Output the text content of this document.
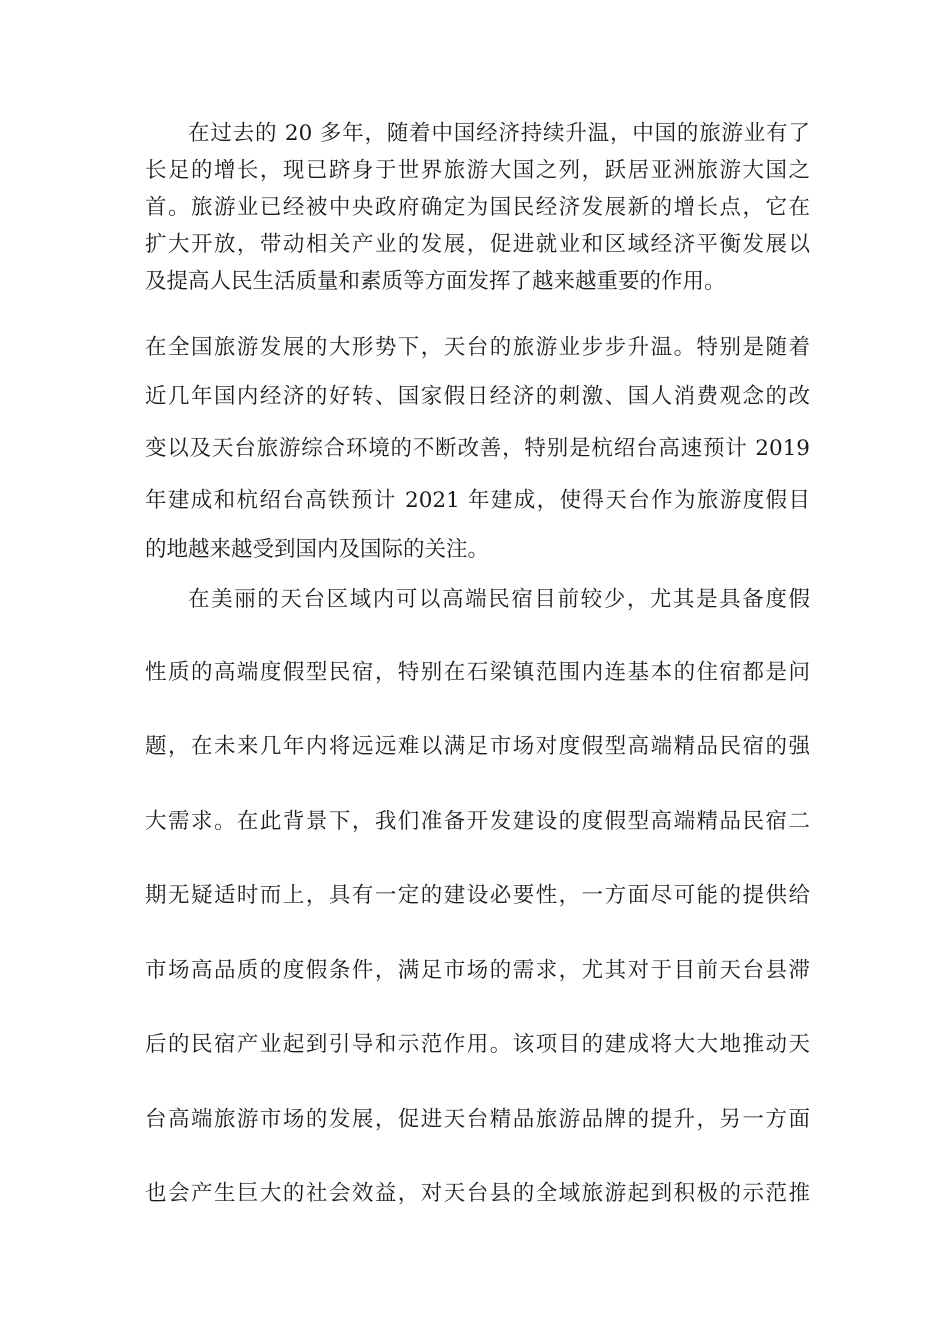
在过去的 20 多年，随着中国经济持续升温，中国的旅游业有了
长足的增长，现已跻身于世界旅游大国之列，跃居亚洲旅游大国之
首。旅游业已经被中央政府确定为国民经济发展新的增长点，它在
扩大开放，带动相关产业的发展，促进就业和区域经济平衡发展以
及提高人民生活质量和素质等方面发挥了越来越重要的作用。
在全国旅游发展的大形势下，天台的旅游业步步升温。特别是随着
近几年国内经济的好转、国家假日经济的刺激、国人消费观念的改
变以及天台旅游综合环境的不断改善，特别是杭绍台高速预计 2019
年建成和杭绍台高铁预计 2021 年建成，使得天台作为旅游度假目
的地越来越受到国内及国际的关注。
在美丽的天台区域内可以高端民宿目前较少，尤其是具备度假
性质的高端度假型民宿，特别在石梁镇范围内连基本的住宿都是问
题，在未来几年内将远远难以满足市场对度假型高端精品民宿的强
大需求。在此背景下，我们准备开发建设的度假型高端精品民宿二
期无疑适时而上，具有一定的建设必要性，一方面尽可能的提供给
市场高品质的度假条件，满足市场的需求，尤其对于目前天台县滞
后的民宿产业起到引导和示范作用。该项目的建成将大大地推动天
台高端旅游市场的发展，促进天台精品旅游品牌的提升，另一方面
也会产生巨大的社会效益，对天台县的全域旅游起到积极的示范推
